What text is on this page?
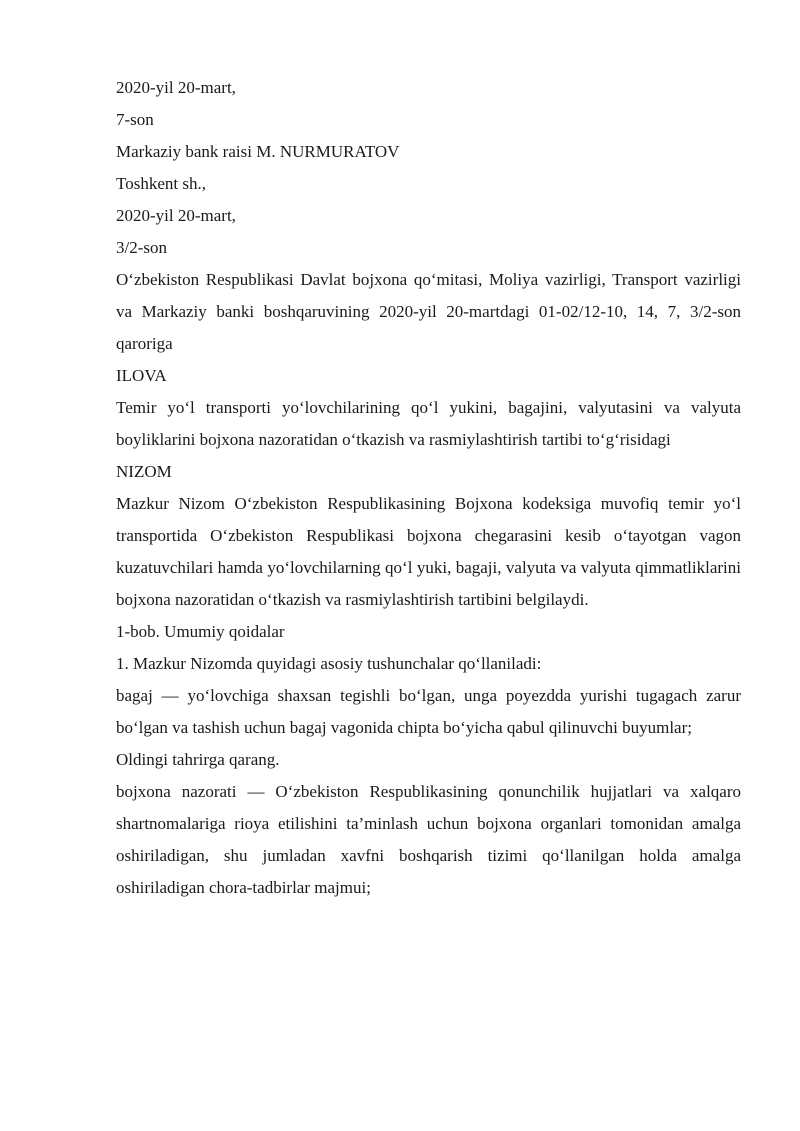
2020-yil 20-mart,
7-son
Markaziy bank raisi M. NURMURATOV
Toshkent sh.,
2020-yil 20-mart,
3/2-son
O‘zbekiston Respublikasi Davlat bojxona qo‘mitasi, Moliya vazirligi, Transport vazirligi va Markaziy banki boshqaruvining 2020-yil 20-martdagi 01-02/12-10, 14, 7, 3/2-son qaroriga
ILOVA
Temir yo‘l transporti yo‘lovchilarining qo‘l yukini, bagajini, valyutasini va valyuta boyliklarini bojxona nazoratidan o‘tkazish va rasmiylashtirish tartibi to‘g‘risidagi
NIZOM
Mazkur Nizom O‘zbekiston Respublikasining Bojxona kodeksiga muvofiq temir yo‘l transportida O‘zbekiston Respublikasi bojxona chegarasini kesib o‘tayotgan vagon kuzatuvchilari hamda yo‘lovchilarning qo‘l yuki, bagaji, valyuta va valyuta qimmatliklarini bojxona nazoratidan o‘tkazish va rasmiylashtirish tartibini belgilaydi.
1-bob. Umumiy qoidalar
1. Mazkur Nizomda quyidagi asosiy tushunchalar qo‘llaniladi:
bagaj — yo‘lovchiga shaxsan tegishli bo‘lgan, unga poyezdda yurishi tugagach zarur bo‘lgan va tashish uchun bagaj vagonida chipta bo‘yicha qabul qilinuvchi buyumlar;
Oldingi tahrirga qarang.
bojxona nazorati — O‘zbekiston Respublikasining qonunchilik hujjatlari va xalqaro shartnomalariga rioya etilishini ta’minlash uchun bojxona organlari tomonidan amalga oshiriladigan, shu jumladan xavfni boshqarish tizimi qo‘llanilgan holda amalga oshiriladigan chora-tadbirlar majmui;
